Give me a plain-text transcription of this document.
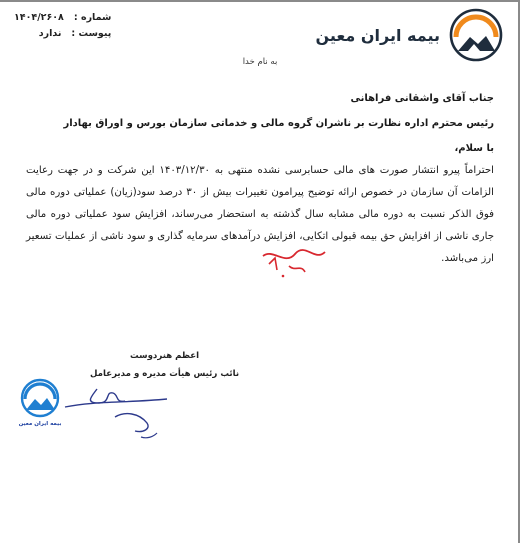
شماره :
۱۴۰۴/۲۶۰۸
پیوست :
ندارد	بیمه ایران معین
به نام خدا
جناب آقای واشقانی فراهانی
رئیس محترم اداره نظارت بر ناشران گروه مالی و خدماتی سازمان بورس و اوراق بهادار
با سلام،
احتراماً پیرو انتشار صورت های مالی حسابرسی نشده منتهی به ۱۴۰۳/۱۲/۳۰ این شرکت و در جهت رعایت الزامات آن سازمان در خصوص ارائه توضیح پیرامون تغییرات بیش از ۳۰ درصد سود(زیان) عملیاتی دوره مالی فوق الذکر نسبت به دوره مالی مشابه سال گذشته به استحضار می‌رساند، افزایش سود عملیاتی دوره مالی جاری ناشی از افزایش حق بیمه قبولی اتکایی، افزایش درآمدهای سرمایه گذاری و سود ناشی از عملیات تسعیر ارز می‌باشد.
اعظم هنردوست
نائب رئیس هیأت مدیره و مدیرعامل
بیمه ایران معین
